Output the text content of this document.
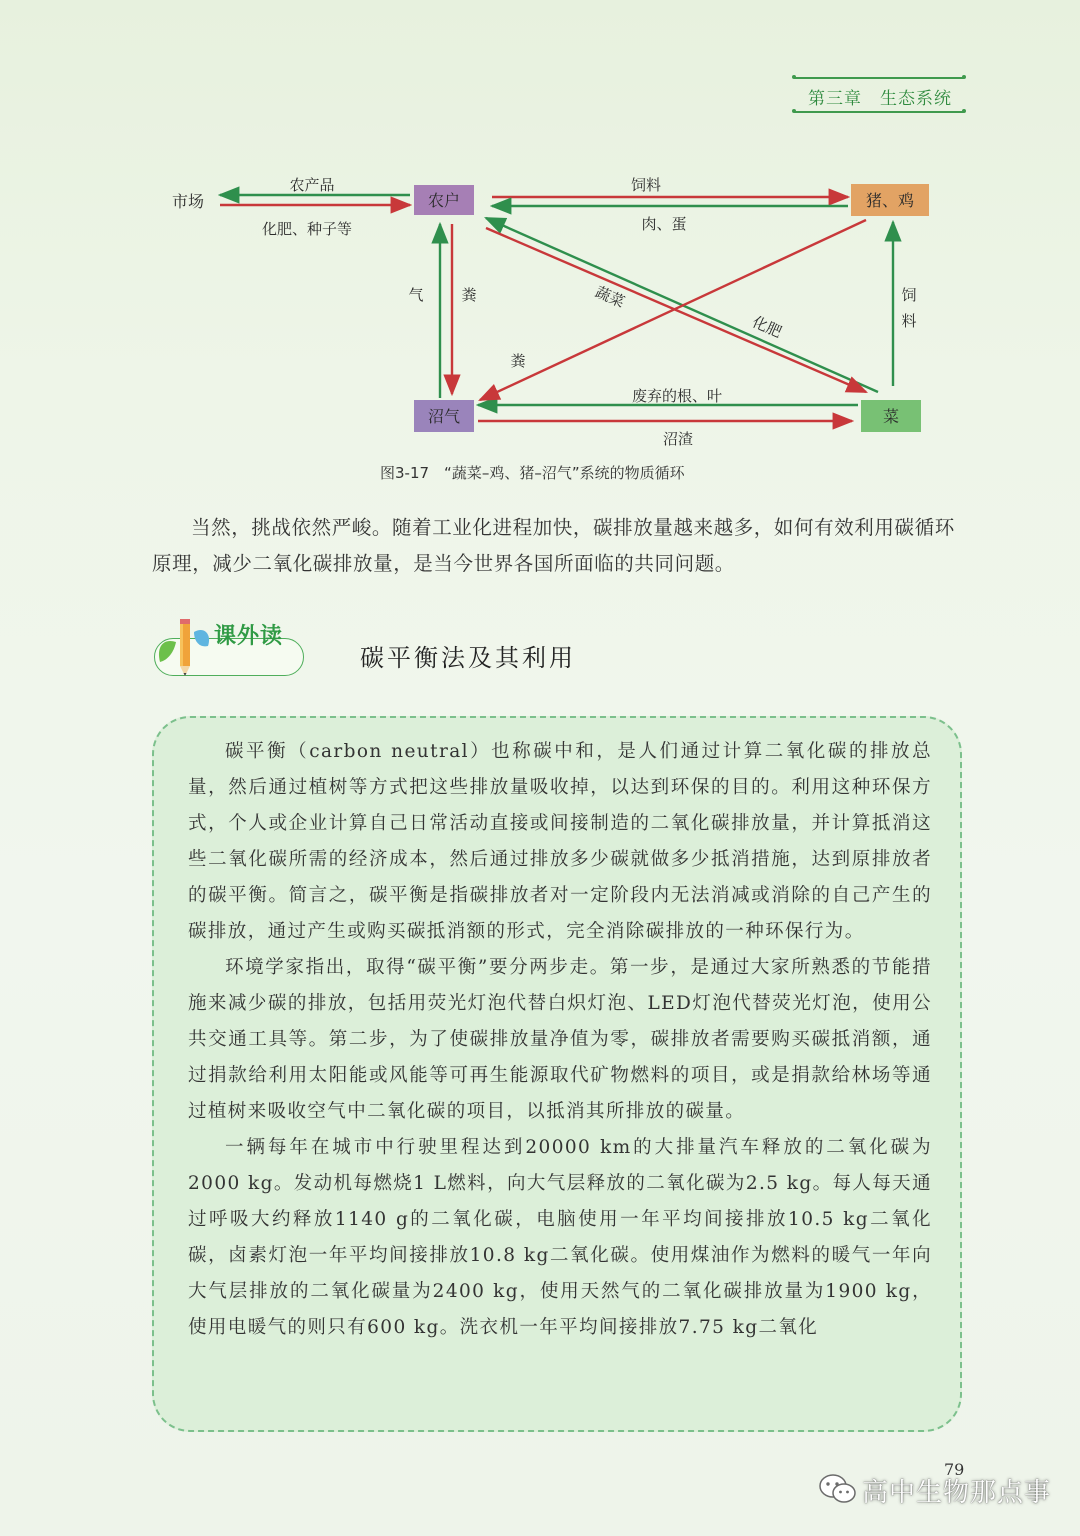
第三章　生态系统
农户	猪、鸡
沼气	菜
市场
农产品
化肥、种子等
饲料
肉、蛋
气	粪	蔬菜
化肥
粪
饲
料
废弃的根、叶
沼渣
图3-17　“蔬菜–鸡、猪–沼气”系统的物质循环
当然，挑战依然严峻。随着工业化进程加快，碳排放量越来越多，如何有效利用碳循环原理，减少二氧化碳排放量，是当今世界各国所面临的共同问题。
课外读
碳平衡法及其利用

碳平衡（carbon neutral）也称碳中和，是人们通过计算二氧化碳的排放总量，然后通过植树等方式把这些排放量吸收掉，以达到环保的目的。利用这种环保方式，个人或企业计算自己日常活动直接或间接制造的二氧化碳排放量，并计算抵消这些二氧化碳所需的经济成本，然后通过排放多少碳就做多少抵消措施，达到原排放者的碳平衡。简言之，碳平衡是指碳排放者对一定阶段内无法消减或消除的自己产生的碳排放，通过产生或购买碳抵消额的形式，完全消除碳排放的一种环保行为。

环境学家指出，取得“碳平衡”要分两步走。第一步，是通过大家所熟悉的节能措施来减少碳的排放，包括用荧光灯泡代替白炽灯泡、LED灯泡代替荧光灯泡，使用公共交通工具等。第二步，为了使碳排放量净值为零，碳排放者需要购买碳抵消额，通过捐款给利用太阳能或风能等可再生能源取代矿物燃料的项目，或是捐款给林场等通过植树来吸收空气中二氧化碳的项目，以抵消其所排放的碳量。

一辆每年在城市中行驶里程达到20000 km的大排量汽车释放的二氧化碳为2000 kg。发动机每燃烧1 L燃料，向大气层释放的二氧化碳为2.5 kg。每人每天通过呼吸大约释放1140 g的二氧化碳，电脑使用一年平均间接排放10.5 kg二氧化碳，卤素灯泡一年平均间接排放10.8 kg二氧化碳。使用煤油作为燃料的暖气一年向大气层排放的二氧化碳量为2400 kg，使用天然气的二氧化碳排放量为1900 kg，使用电暖气的则只有600 kg。洗衣机一年平均间接排放7.75 kg二氧化

79
高中生物那点事
